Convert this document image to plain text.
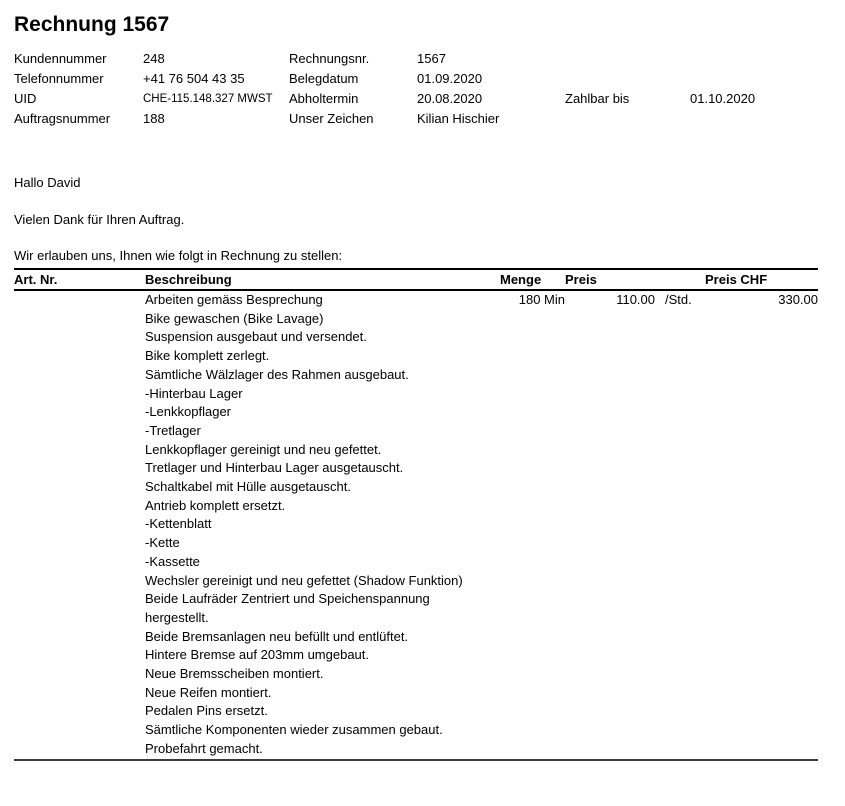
Rechnung 1567
Kundennummer	248	Rechnungsnr.	1567
Telefonnummer	+41 76 504 43 35	Belegdatum	01.09.2020
UID	CHE-115.148.327 MWST	Abholtermin	20.08.2020	Zahlbar bis	01.10.2020
Auftragsnummer	188	Unser Zeichen	Kilian Hischier

Hallo David

Vielen Dank für Ihren Auftrag.

Wir erlauben uns, Ihnen wie folgt in Rechnung zu stellen:

Art. Nr.	Beschreibung	Menge	Preis		Preis CHF
	Arbeiten gemäss Besprechung	180 Min	110.00	/Std.	330.00
	Bike gewaschen (Bike Lavage)				
	Suspension ausgebaut und versendet.				
	Bike komplett zerlegt.				
	Sämtliche Wälzlager des Rahmen ausgebaut.				
	-Hinterbau Lager				
	-Lenkkopflager				
	-Tretlager				
	Lenkkopflager gereinigt und neu gefettet.				
	Tretlager und Hinterbau Lager ausgetauscht.				
	Schaltkabel mit Hülle ausgetauscht.				
	Antrieb komplett ersetzt.				
	-Kettenblatt				
	-Kette				
	-Kassette				
	Wechsler gereinigt und neu gefettet (Shadow Funktion)				
	Beide Laufräder Zentriert und Speichenspannung				
	hergestellt.				
	Beide Bremsanlagen neu befüllt und entlüftet.				
	Hintere Bremse auf 203mm umgebaut.				
	Neue Bremsscheiben montiert.				
	Neue Reifen montiert.				
	Pedalen Pins ersetzt.				
	Sämtliche Komponenten wieder zusammen gebaut.				
	Probefahrt gemacht.				
